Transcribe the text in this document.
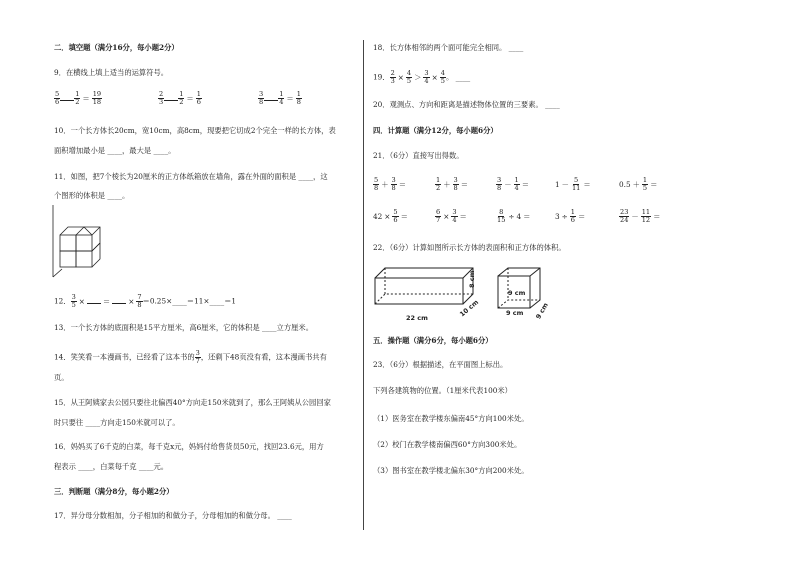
二．填空题（满分16分，每小题2分）
9．在横线上填上适当的运算符号。
$\frac{5}{6} \frac{1}{2} = \frac{19}{18}$	$\frac{2}{3} \frac{1}{2} = \frac{1}{6}$	$\frac{3}{8} \frac{1}{4} = \frac{1}{8}$
10．一个长方体长20cm，宽10cm，高8cm，现要把它切成2个完全一样的长方体，表
面积增加最小是 ____，最大是 ____。
11．如图，把7个棱长为20厘米的正方体纸箱放在墙角，露在外面的面积是 ____，这
个图形的体积是 ____。
12． $\frac{3}{5}$ × ＝ × $\frac{7}{8}$ ＝0.25×____＝11×____＝1
13．一个长方体的底面积是15平方厘米，高6厘米，它的体积是 ____立方厘米。
14．笑笑看一本漫画书，已经看了这本书的 $\frac{3}{7}$ ，还剩下48页没有看，这本漫画书共有
页。
15．从王阿姨家去公园只要往北偏西40°方向走150米就到了，那么王阿姨从公园回家
时只要往 ____方向走150米就可以了。
16．妈妈买了6千克的白菜，每千克x元，妈妈付给售货员50元，找回23.6元，用方
程表示 ____，白菜每千克 ____元。
三．判断题（满分8分，每小题2分）
17．异分母分数相加，分子相加的和做分子，分母相加的和做分母。 ____
18．长方体相邻的两个面可能完全相同。 ____
19． $\frac{2}{3} \times \frac{4}{5} > \frac{3}{4} \times \frac{4}{5}$ 。 ____
20．观测点、方向和距离是描述物体位置的三要素。 ____
四．计算题（满分12分，每小题6分）
21．（6分）直接写出得数。
$\frac{5}{8} + \frac{3}{8}$ ＝	$\frac{1}{2} + \frac{3}{8}$ ＝	$\frac{3}{8} - \frac{1}{4}$ ＝	$1 - \frac{5}{11}$ ＝	$0.5 + \frac{1}{5}$ ＝
$42 \times \frac{5}{6}$ ＝	$\frac{6}{7} \times \frac{3}{4}$ ＝	$\frac{8}{15} \div 4$ ＝	$3 \div \frac{1}{6}$ ＝	$\frac{23}{24} - \frac{11}{12}$ ＝
22．（6分）计算如图所示长方体的表面积和正方体的体积。
22 cm	10 cm
8 cm
9 cm
9 cm 9 cm
五．操作题（满分6分，每小题6分）
23．（6分）根据描述，在平面图上标出。
下列各建筑物的位置。（1厘米代表100米）
（1）医务室在教学楼东偏南45°方向100米处。
（2）校门在教学楼南偏西60°方向300米处。
（3）图书室在教学楼北偏东30°方向200米处。
